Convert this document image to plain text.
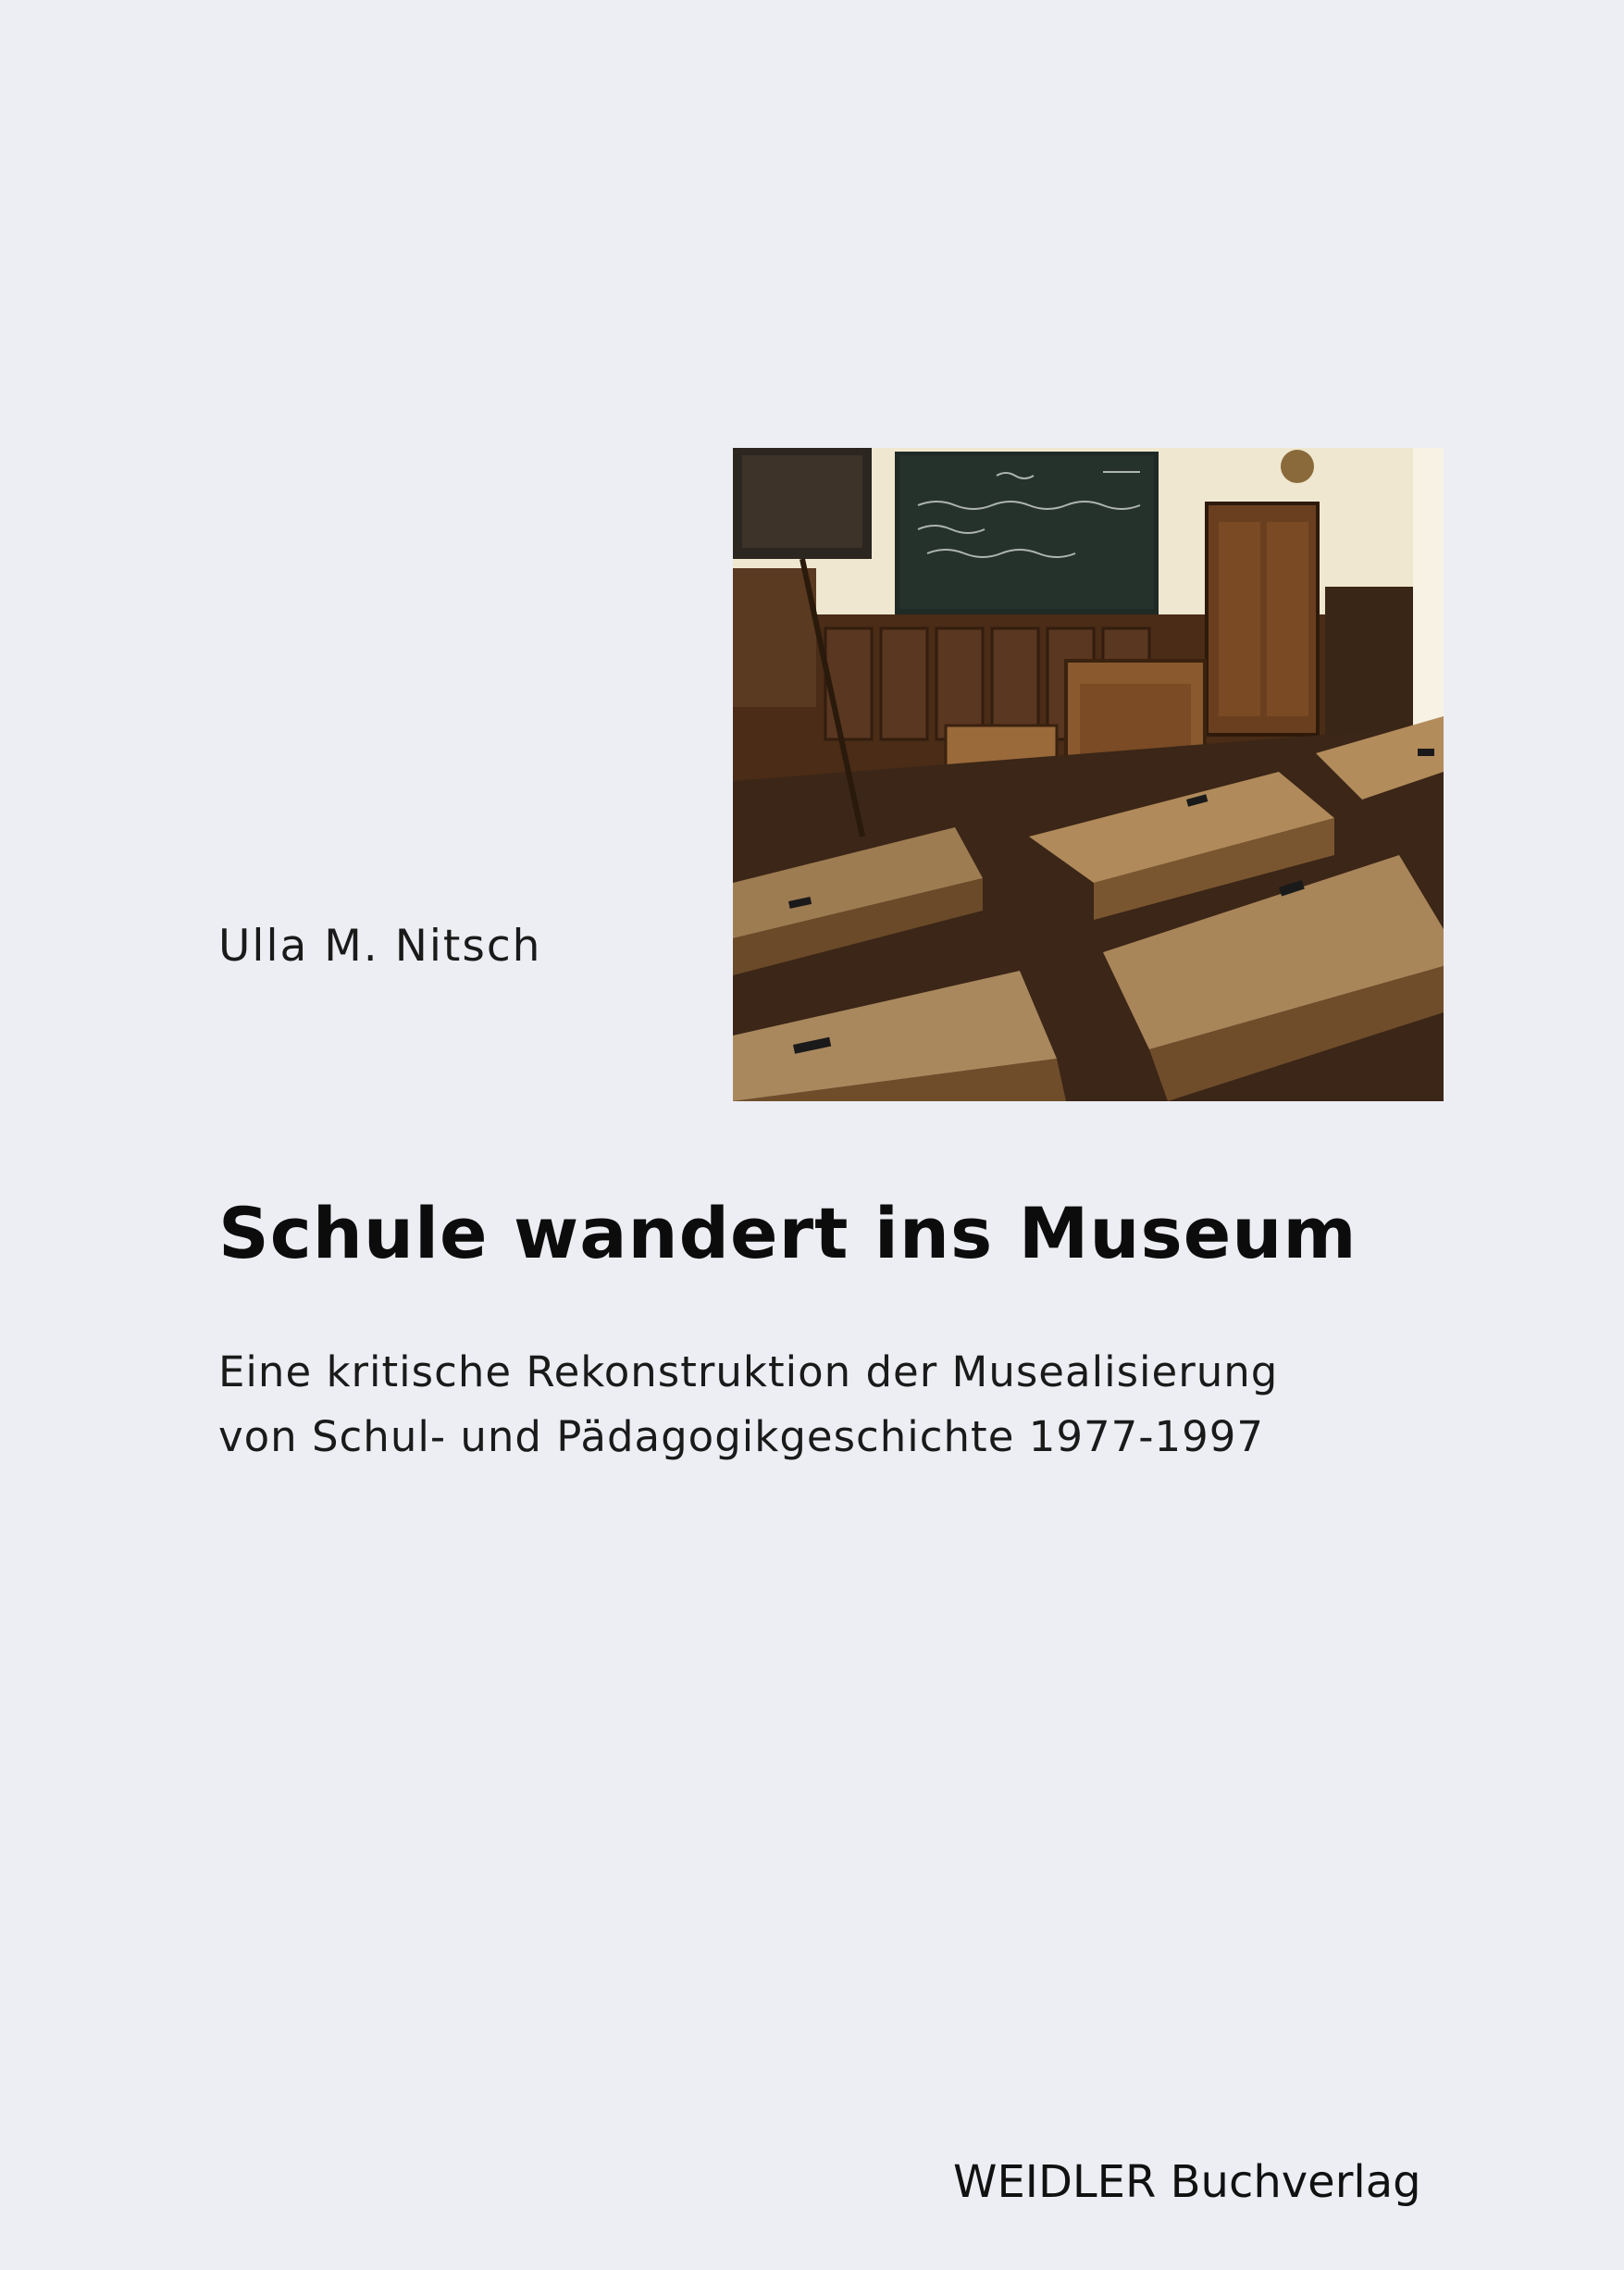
Ulla M. Nitsch
Schule wandert ins Museum
Eine kritische Rekonstruktion der Musealisierung
von Schul- und Pädagogikgeschichte 1977-1997
WEIDLER Buchverlag
